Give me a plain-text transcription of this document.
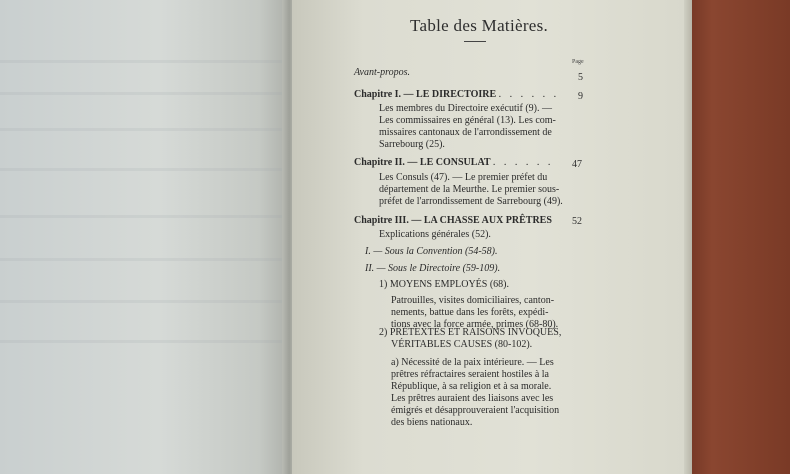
Table des Matières.
Page
Avant-propos.	5
Chapitre I. — LE DIRECTOIRE . . . . . . 9
Les membres du Directoire exécutif (9). —
Les commissaires en général (13). Les com-
missaires cantonaux de l'arrondissement de
Sarrebourg (25).
Chapitre II. — LE CONSULAT . . . . . . 47
Les Consuls (47). — Le premier préfet du
département de la Meurthe. Le premier sous-
préfet de l'arrondissement de Sarrebourg (49).
Chapitre III. — LA CHASSE AUX PRÊTRES 52
Explications générales (52).
I. — Sous la Convention (54-58).
II. — Sous le Directoire (59-109).
1) MOYENS EMPLOYÉS (68).
Patrouilles, visites domiciliaires, canton-
nements, battue dans les forêts, expédi-
tions avec la force armée, primes (68-80).
2) PRÉTEXTES ET RAISONS INVOQUÉS,
VÉRITABLES CAUSES (80-102).
a) Nécessité de la paix intérieure. — Les
prêtres réfractaires seraient hostiles à la
République, à sa religion et à sa morale.
Les prêtres auraient des liaisons avec les
émigrés et désapprouveraient l'acquisition
des biens nationaux.
